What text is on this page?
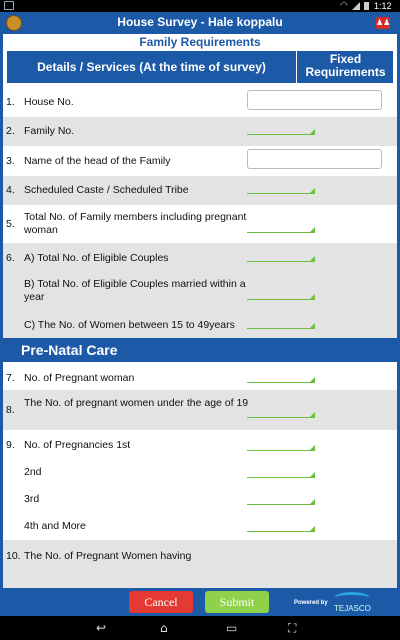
◠	1:12
House Survey - Hale koppalu	♟♟
Family Requirements
Details / Services (At the time of survey)
Fixed
Requirements
1. House No.
2. Family No.
3. Name of the head of the Family
4. Scheduled Caste / Scheduled Tribe
5.
Total No. of Family members including pregnant woman
6. A) Total No. of Eligible Couples
B) Total No. of Eligible Couples married within a year
C) The No. of Women between 15 to 49years
Pre-Natal Care
7. No. of Pregnant woman
8.
The No. of pregnant women under the age of 19
9. No. of Pregnancies 1st
2nd
3rd
4th and More
10. The No. of Pregnant Women having
Cancel	Submit	Powered by
TEJASCO
↩	⌂	▭	⛶
